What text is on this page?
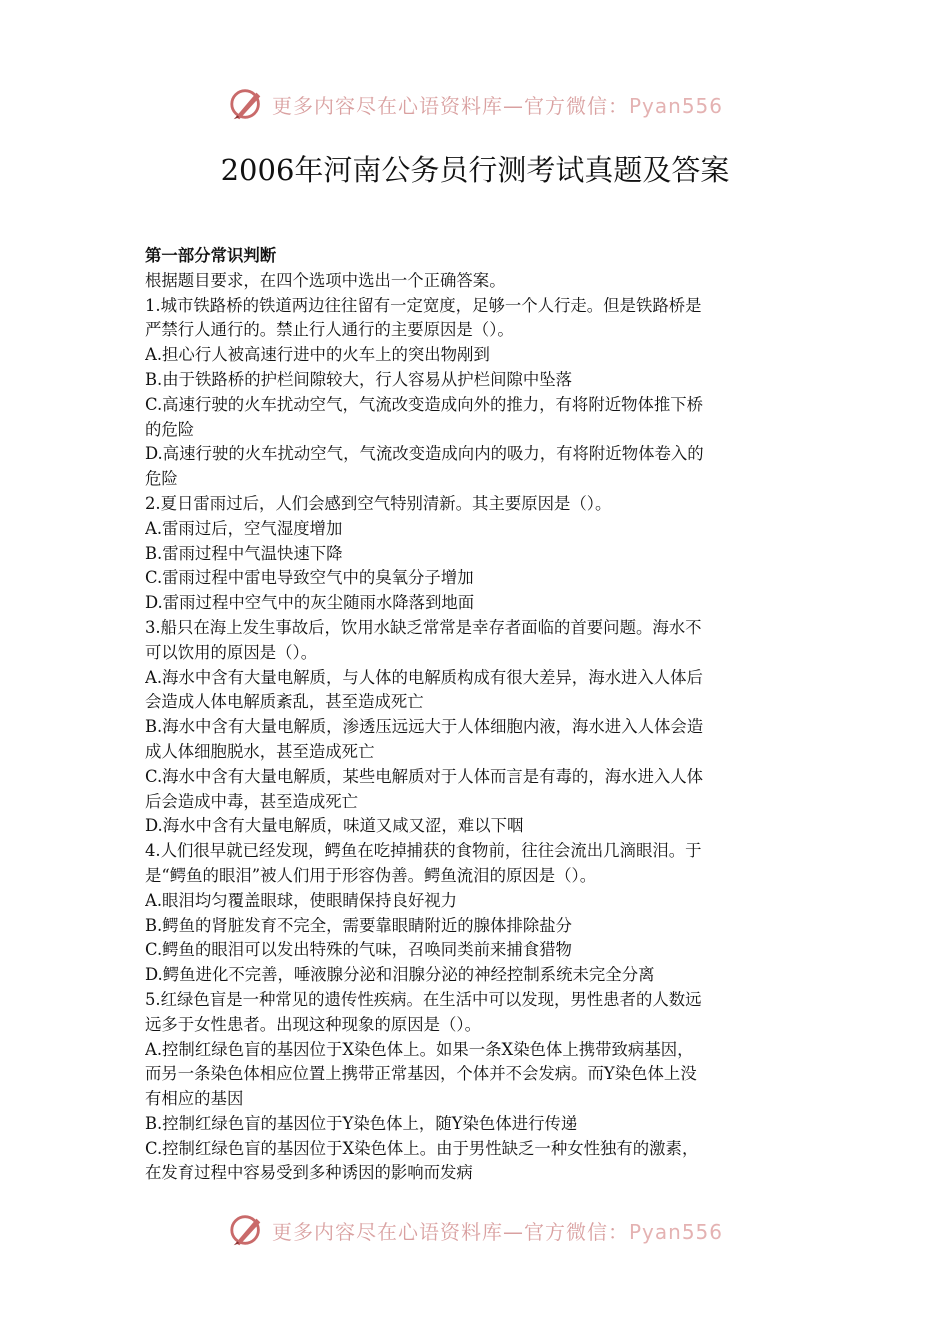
更多内容尽在心语资料库—官方微信：Pyan556
2006年河南公务员行测考试真题及答案
第一部分常识判断
根据题目要求，在四个选项中选出一个正确答案。
1.城市铁路桥的铁道两边往往留有一定宽度，足够一个人行走。但是铁路桥是
严禁行人通行的。禁止行人通行的主要原因是（）。
A.担心行人被高速行进中的火车上的突出物剐到
B.由于铁路桥的护栏间隙较大，行人容易从护栏间隙中坠落
C.高速行驶的火车扰动空气，气流改变造成向外的推力，有将附近物体推下桥
的危险
D.高速行驶的火车扰动空气，气流改变造成向内的吸力，有将附近物体卷入的
危险
2.夏日雷雨过后，人们会感到空气特别清新。其主要原因是（）。
A.雷雨过后，空气湿度增加
B.雷雨过程中气温快速下降
C.雷雨过程中雷电导致空气中的臭氧分子增加
D.雷雨过程中空气中的灰尘随雨水降落到地面
3.船只在海上发生事故后，饮用水缺乏常常是幸存者面临的首要问题。海水不
可以饮用的原因是（）。
A.海水中含有大量电解质，与人体的电解质构成有很大差异，海水进入人体后
会造成人体电解质紊乱，甚至造成死亡
B.海水中含有大量电解质，渗透压远远大于人体细胞内液，海水进入人体会造
成人体细胞脱水，甚至造成死亡
C.海水中含有大量电解质，某些电解质对于人体而言是有毒的，海水进入人体
后会造成中毒，甚至造成死亡
D.海水中含有大量电解质，味道又咸又涩，难以下咽
4.人们很早就已经发现，鳄鱼在吃掉捕获的食物前，往往会流出几滴眼泪。于
是“鳄鱼的眼泪”被人们用于形容伪善。鳄鱼流泪的原因是（）。
A.眼泪均匀覆盖眼球，使眼睛保持良好视力
B.鳄鱼的肾脏发育不完全，需要靠眼睛附近的腺体排除盐分
C.鳄鱼的眼泪可以发出特殊的气味，召唤同类前来捕食猎物
D.鳄鱼进化不完善，唾液腺分泌和泪腺分泌的神经控制系统未完全分离
5.红绿色盲是一种常见的遗传性疾病。在生活中可以发现，男性患者的人数远
远多于女性患者。出现这种现象的原因是（）。
A.控制红绿色盲的基因位于X染色体上。如果一条X染色体上携带致病基因，
而另一条染色体相应位置上携带正常基因，个体并不会发病。而Y染色体上没
有相应的基因
B.控制红绿色盲的基因位于Y染色体上，随Y染色体进行传递
C.控制红绿色盲的基因位于X染色体上。由于男性缺乏一种女性独有的激素，
在发育过程中容易受到多种诱因的影响而发病
更多内容尽在心语资料库—官方微信：Pyan556
